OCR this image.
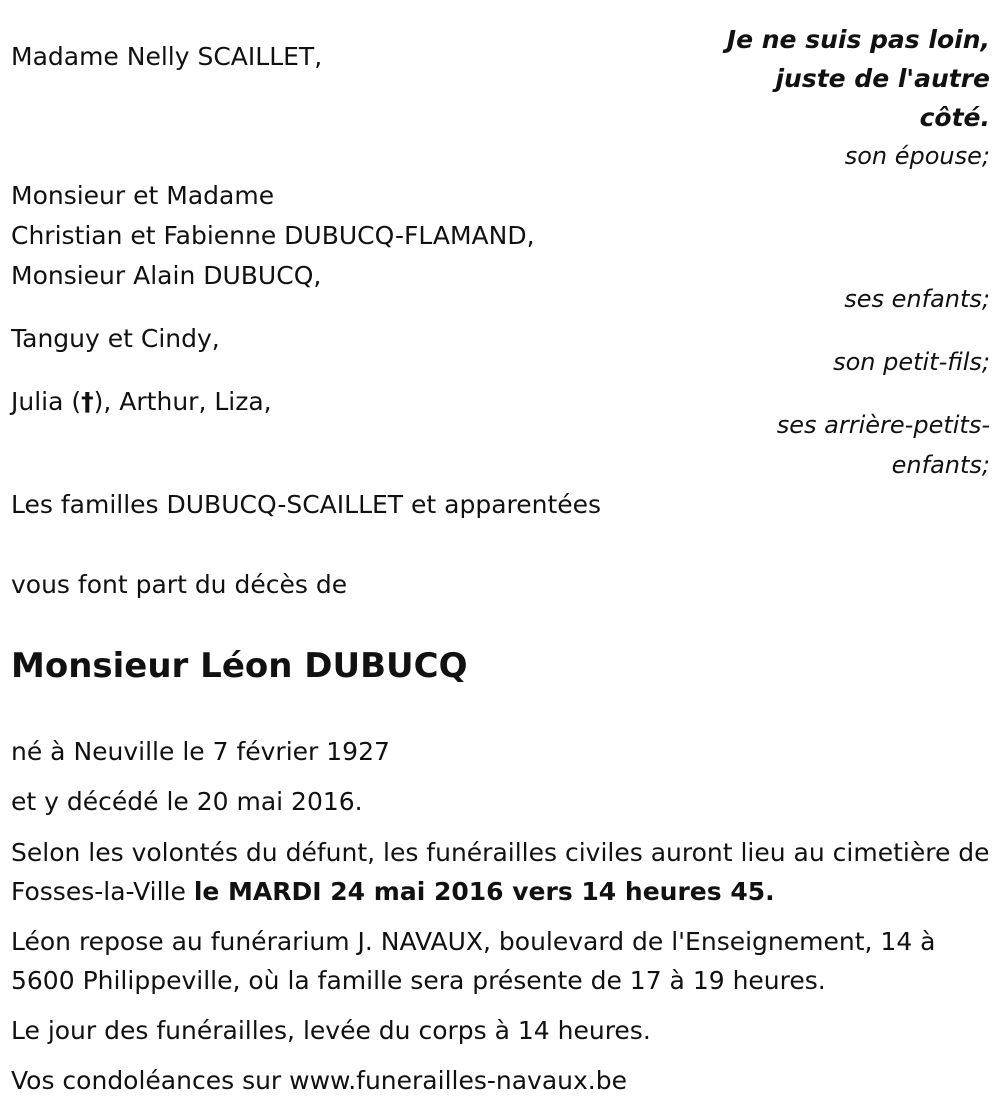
Je ne suis pas loin,
juste de l'autre
côté.
Madame Nelly SCAILLET,
son épouse;
Monsieur et Madame
Christian et Fabienne DUBUCQ-FLAMAND,
Monsieur Alain DUBUCQ,
ses enfants;
Tanguy et Cindy,
son petit-fils;
Julia (†), Arthur, Liza,
ses arrière-petits-
enfants;
Les familles DUBUCQ-SCAILLET et apparentées
vous font part du décès de
Monsieur Léon DUBUCQ
né à Neuville le 7 février 1927
et y décédé le 20 mai 2016.
Selon les volontés du défunt, les funérailles civiles auront lieu au cimetière de Fosses-la-Ville le MARDI 24 mai 2016 vers 14 heures 45.
Léon repose au funérarium J. NAVAUX, boulevard de l'Enseignement, 14 à 5600 Philippeville, où la famille sera présente de 17 à 19 heures.
Le jour des funérailles, levée du corps à 14 heures.
Vos condoléances sur www.funerailles-navaux.be
